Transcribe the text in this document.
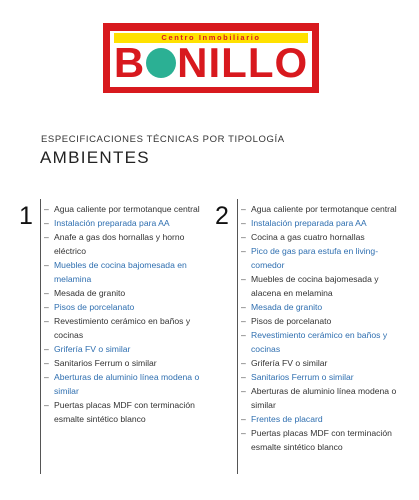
Centro Inmobiliario
B NILLO
ESPECIFICACIONES TÉCNICAS POR TIPOLOGÍA
AMBIENTES
1	– Agua caliente por termotanque central
– Instalación preparada para AA
– Anafe a gas dos hornallas y horno eléctrico
– Muebles de cocina bajomesada en melamina
– Mesada de granito
– Pisos de porcelanato
– Revestimiento cerámico en baños y cocinas
– Grifería FV o similar
– Sanitarios Ferrum o similar
– Aberturas de aluminio línea modena o similar
– Puertas placas MDF con terminación esmalte sintético blanco
2	– Agua caliente por termotanque central
– Instalación preparada para AA
– Cocina a gas cuatro hornallas
– Pico de gas para estufa en living-comedor
– Muebles de cocina bajomesada y alacena en melamina
– Mesada de granito
– Pisos de porcelanato
– Revestimiento cerámico en baños y cocinas
– Grifería FV o similar
– Sanitarios Ferrum o similar
– Aberturas de aluminio línea modena o similar
– Frentes de placard
– Puertas placas MDF con terminación esmalte sintético blanco
